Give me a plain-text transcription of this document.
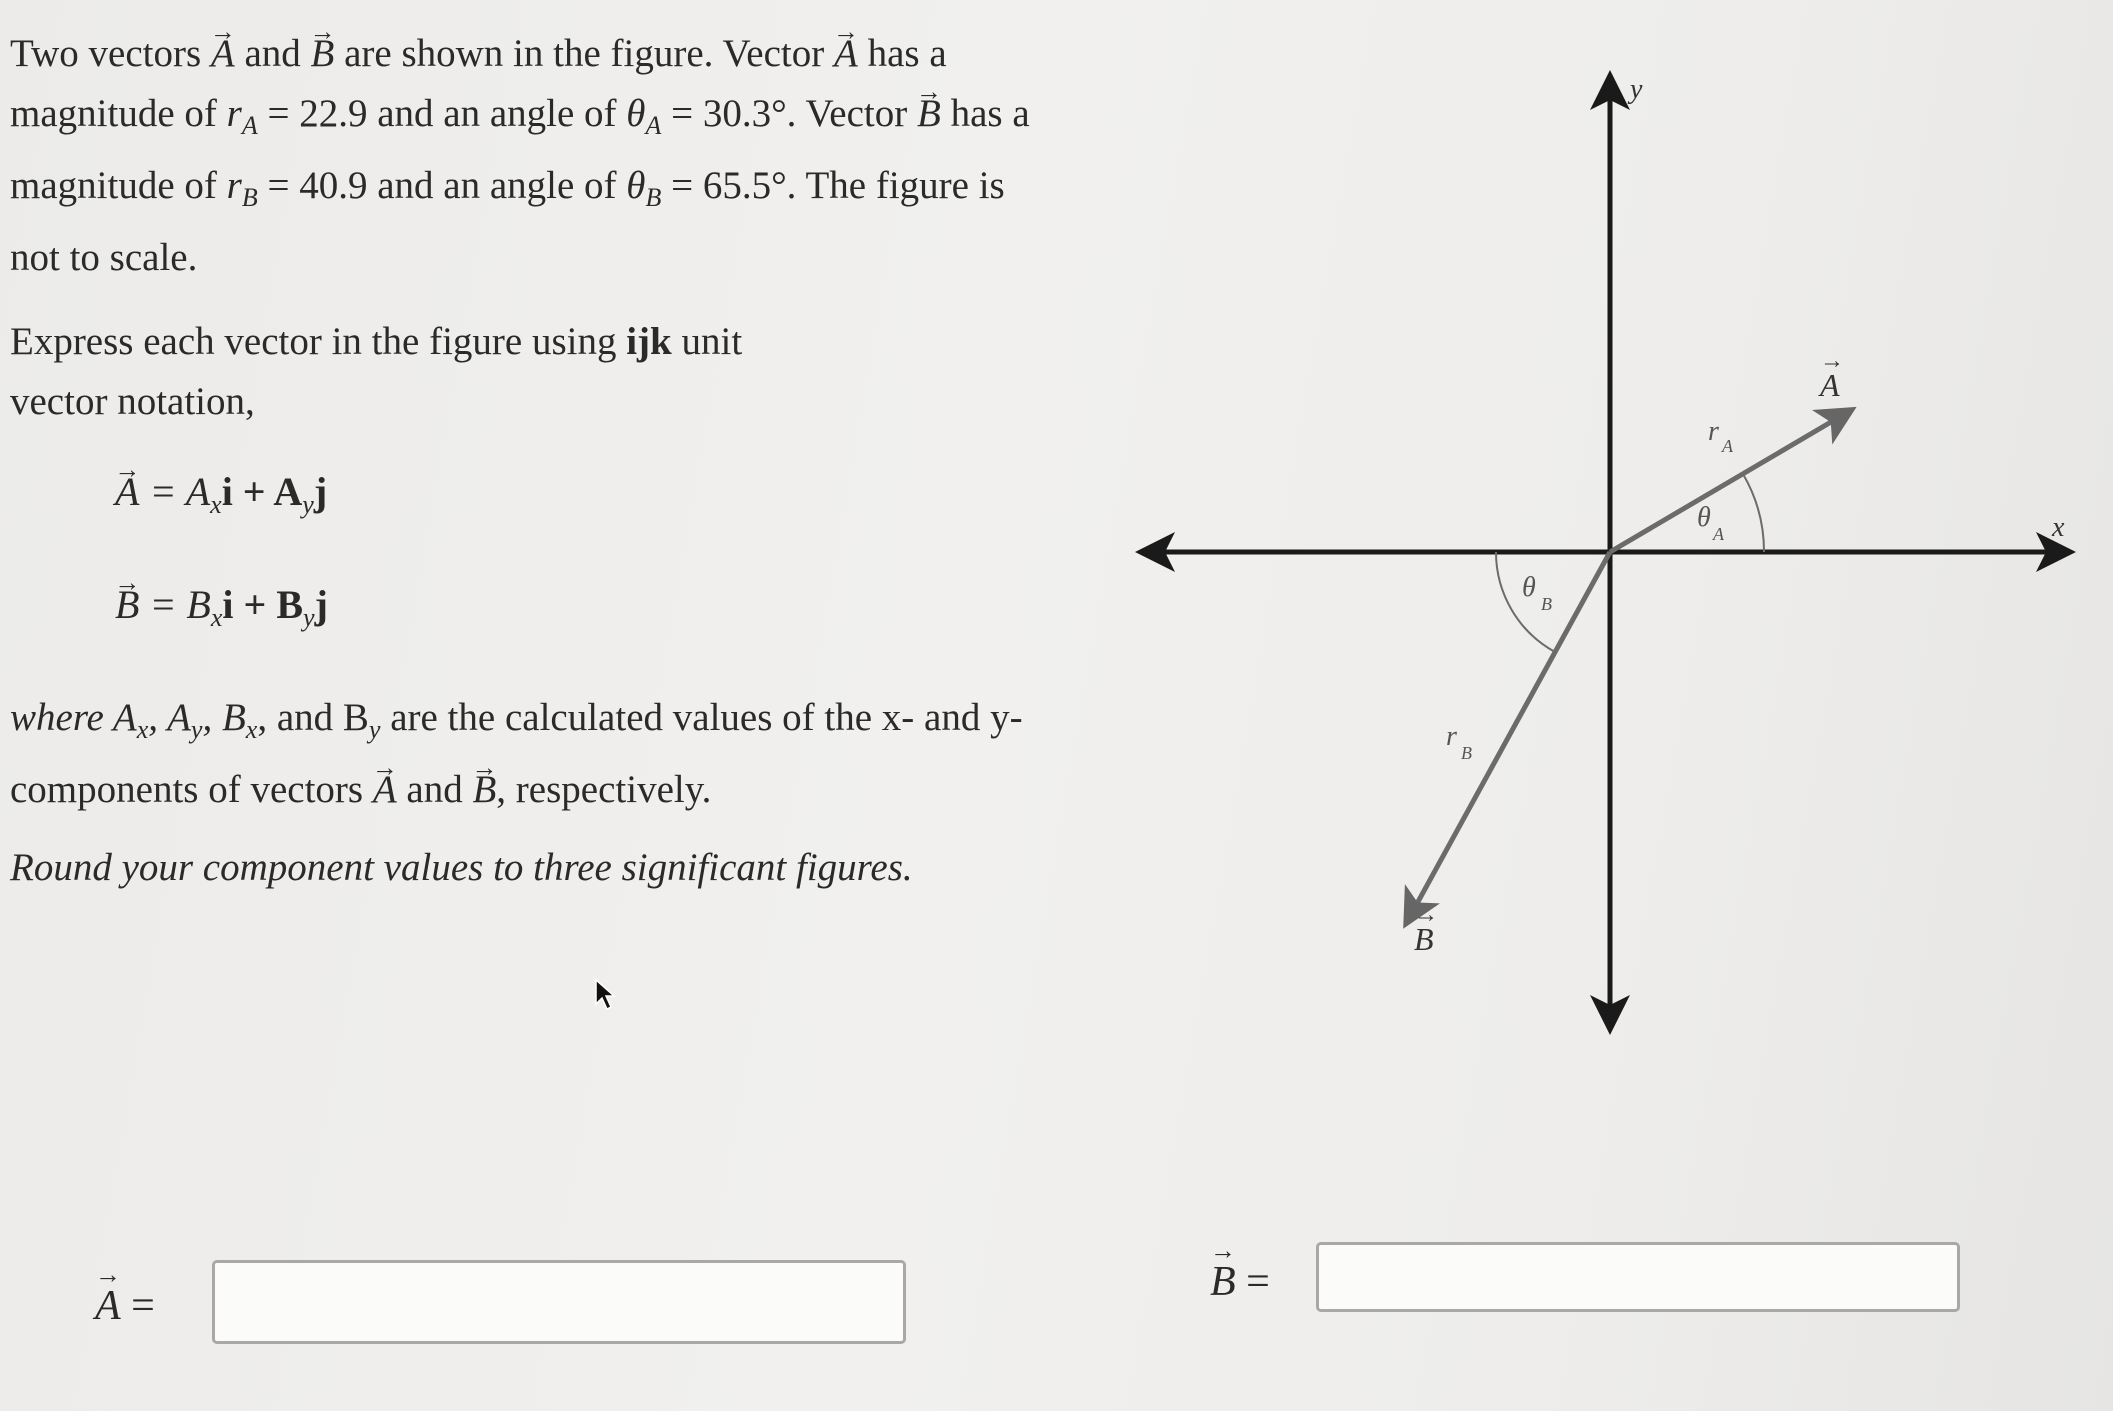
Two vectors → A and → B are shown in the figure. Vector → A has a magnitude of $r_A = 22.9$ and an angle of $\theta_A = 30.3^\circ$. Vector → B has a magnitude of $r_B = 40.9$ and an angle of $\theta_B = 65.5^\circ$. The figure is not to scale.

Express each vector in the figure using ijk unit vector notation,

→ $A = A_xi + A_yj$
→ $B = B_xi + B_yj$

where $A_x$, $A_y$, $B_x$, and $B_y$ are the calculated values of the x- and y-components of vectors → A and → B, respectively.

Round your component values to three significant figures.

y
x
A
→
B
→
r A
θ
A
θ
B
r
B
→ A =
→ B =
